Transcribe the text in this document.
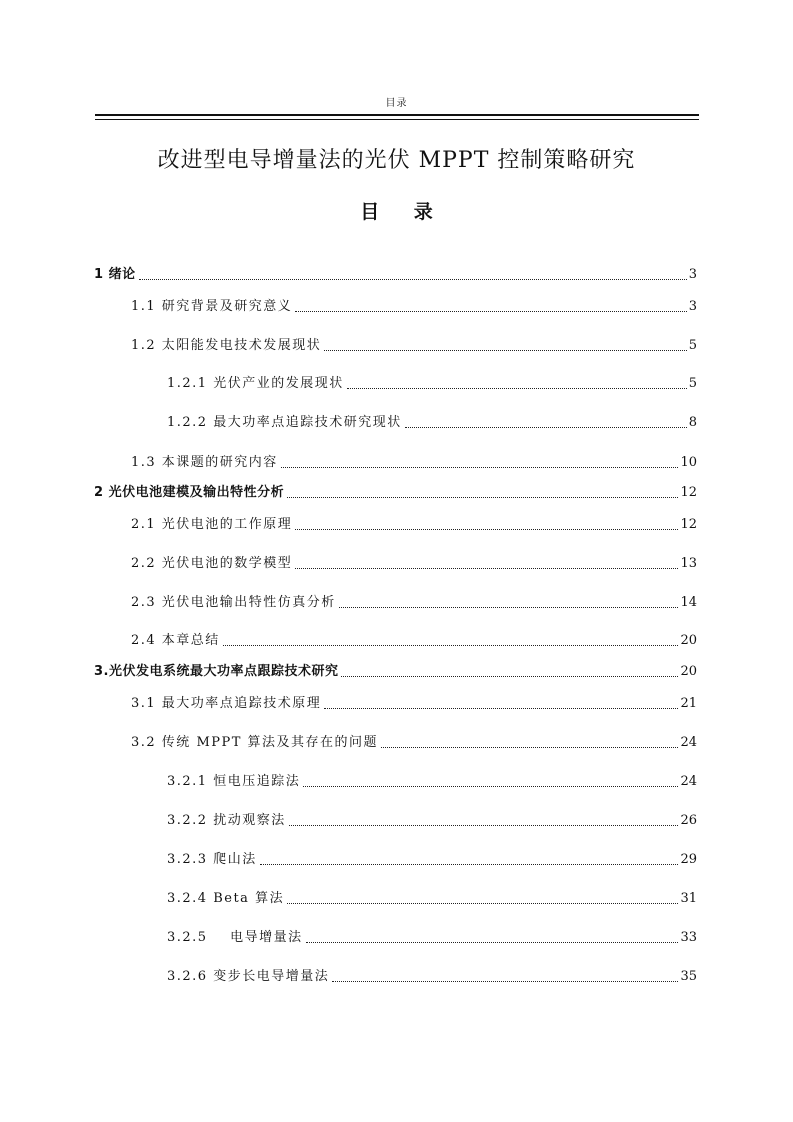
目录
改进型电导增量法的光伏 MPPT 控制策略研究
目 录
1 绪论	3
1.1 研究背景及研究意义	3
1.2 太阳能发电技术发展现状	5
1.2.1 光伏产业的发展现状	5
1.2.2 最大功率点追踪技术研究现状	8
1.3 本课题的研究内容	10
2 光伏电池建模及输出特性分析	12
2.1 光伏电池的工作原理	12
2.2 光伏电池的数学模型	13
2.3 光伏电池输出特性仿真分析	14
2.4 本章总结	20
3.光伏发电系统最大功率点跟踪技术研究	20
3.1 最大功率点追踪技术原理	21
3.2 传统 MPPT 算法及其存在的问题	24
3.2.1 恒电压追踪法	24
3.2.2 扰动观察法	26
3.2.3 爬山法	29
3.2.4 Beta 算法	31
3.2.5    电导增量法	33
3.2.6 变步长电导增量法	35
